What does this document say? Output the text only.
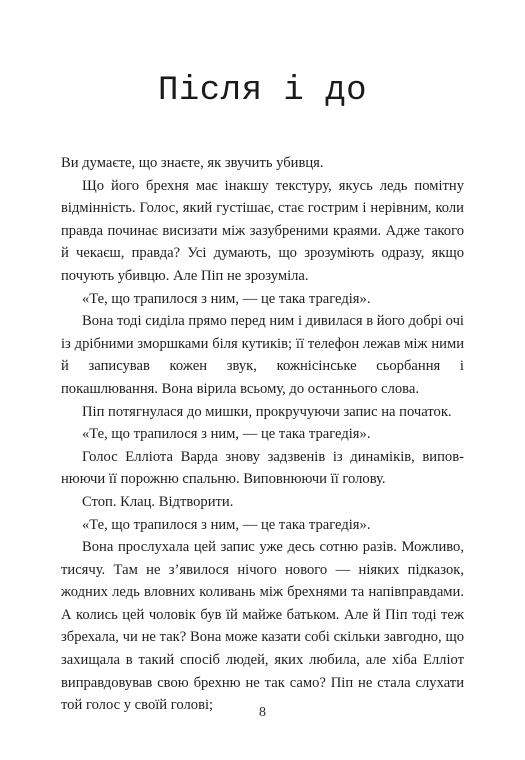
Після і до

Ви думаєте, що знаєте, як звучить убивця.

Що його брехня має інакшу текстуру, якусь ледь помітну відмінність. Голос, який густішає, стає гострим і нерівним, коли правда починає висизати між зазубреними краями. Адже такого й чекаєш, правда? Усі думають, що зрозуміють одразу, якщо почують убивцю. Але Піп не зрозуміла.

«Те, що трапилося з ним, — це така трагедія».

Вона тоді сиділа прямо перед ним і дивилася в його добрі очі із дрібними зморшками біля кутиків; її телефон лежав між ними й записував кожен звук, кожнісінське сьорбання і покашлювання. Вона вірила всьому, до останнього слова.

Піп потягнулася до мишки, прокручуючи запис на початок.

«Те, що трапилося з ним, — це така трагедія».

Голос Елліота Варда знову задзвенів із динаміків, виповнюючи її порожню спальню. Виповнюючи її голову.

Стоп. Клац. Відтворити.

«Те, що трапилося з ним, — це така трагедія».

Вона прослухала цей запис уже десь сотню разів. Можливо, тисячу. Там не з’явилося нічого нового — ніяких підказок, жодних ледь вловних коливань між брехнями та напівправдами. А колись цей чоловік був їй майже батьком. Але й Піп тоді теж збрехала, чи не так? Вона може казати собі скільки завгодно, що захищала в такий спосіб людей, яких любила, але хіба Елліот виправдовував свою брехню не так само? Піп не стала слухати той голос у своїй голові;	8
